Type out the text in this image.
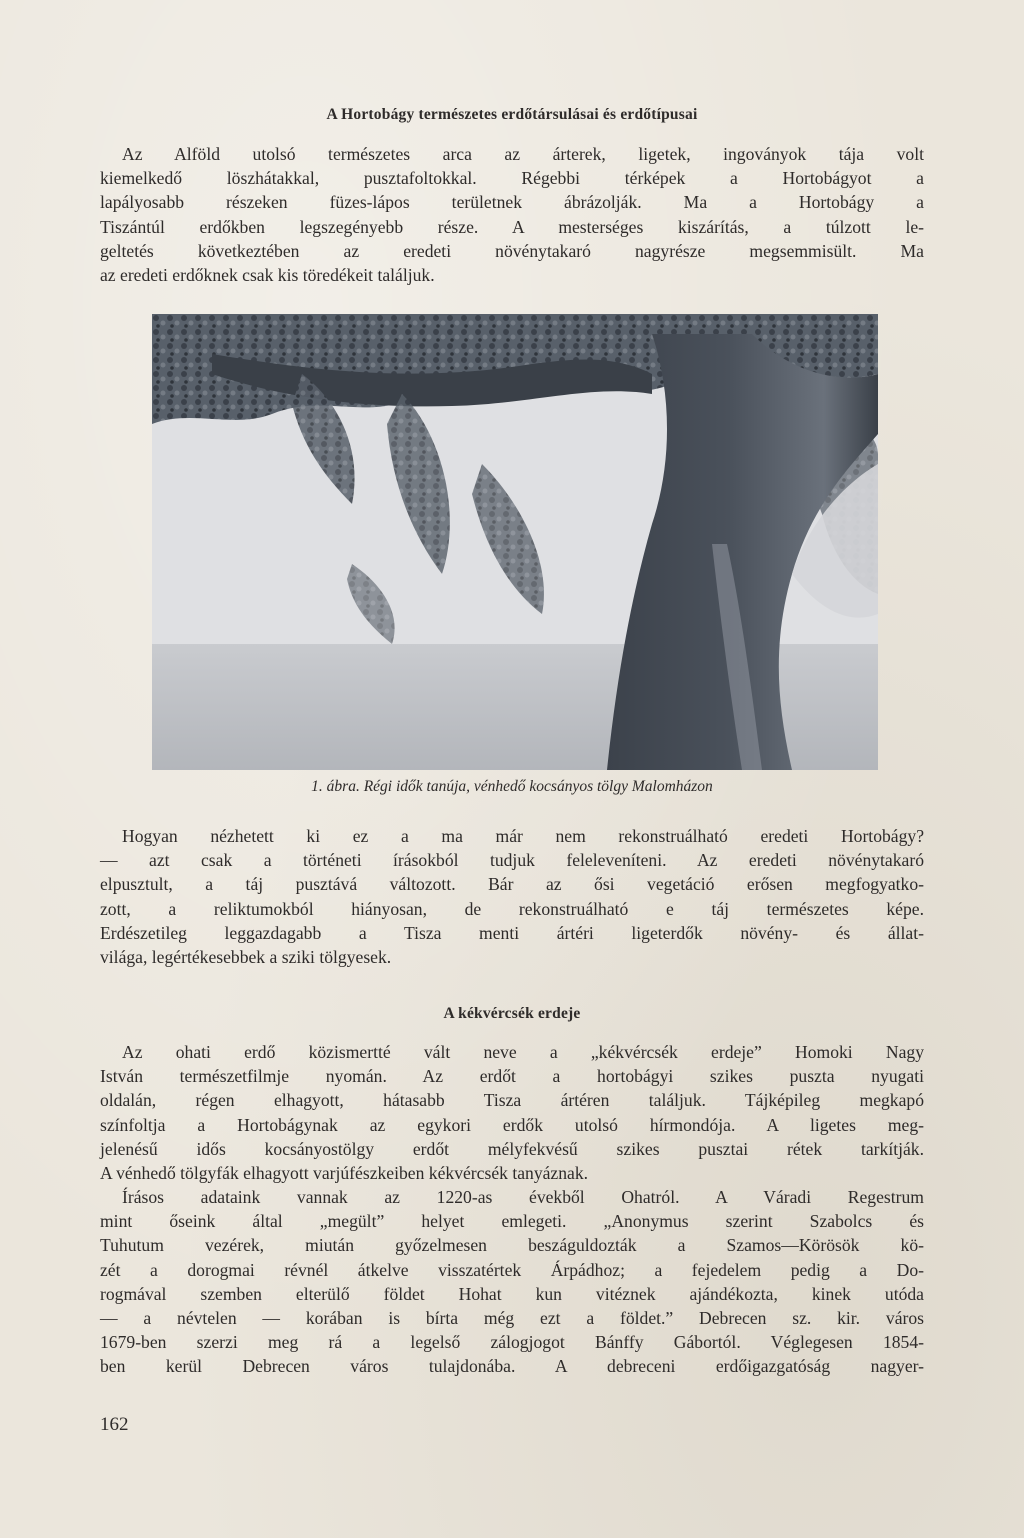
A Hortobágy természetes erdőtársulásai és erdőtípusai
Az Alföld utolsó természetes arca az árterek, ligetek, ingoványok tája volt
kiemelkedő löszhátakkal, pusztafoltokkal. Régebbi térképek a Hortobágyot a
lapályosabb részeken füzes-lápos területnek ábrázolják. Ma a Hortobágy a
Tiszántúl erdőkben legszegényebb része. A mesterséges kiszárítás, a túlzott le-
geltetés következtében az eredeti növénytakaró nagyrésze megsemmisült. Ma
az eredeti erdőknek csak kis töredékeit találjuk.
1. ábra. Régi idők tanúja, vénhedő kocsányos tölgy Malomházon
Hogyan nézhetett ki ez a ma már nem rekonstruálható eredeti Hortobágy?
— azt csak a történeti írásokból tudjuk feleleveníteni. Az eredeti növénytakaró
elpusztult, a táj pusztává változott. Bár az ősi vegetáció erősen megfogyatko-
zott, a reliktumokból hiányosan, de rekonstruálható e táj természetes képe.
Erdészetileg leggazdagabb a Tisza menti ártéri ligeterdők növény- és állat-
világa, legértékesebbek a sziki tölgyesek.
A kékvércsék erdeje
Az ohati erdő közismertté vált neve a „kékvércsék erdeje” Homoki Nagy
István természetfilmje nyomán. Az erdőt a hortobágyi szikes puszta nyugati
oldalán, régen elhagyott, hátasabb Tisza ártéren találjuk. Tájképileg megkapó
színfoltja a Hortobágynak az egykori erdők utolsó hírmondója. A ligetes meg-
jelenésű idős kocsányostölgy erdőt mélyfekvésű szikes pusztai rétek tarkítják.
A vénhedő tölgyfák elhagyott varjúfészkeiben kékvércsék tanyáznak.
Írásos adataink vannak az 1220-as évekből Ohatról. A Váradi Regestrum
mint őseink által „megült” helyet emlegeti. „Anonymus szerint Szabolcs és
Tuhutum vezérek, miután győzelmesen beszáguldozták a Szamos—Körösök kö-
zét a dorogmai révnél átkelve visszatértek Árpádhoz; a fejedelem pedig a Do-
rogmával szemben elterülő földet Hohat kun vitéznek ajándékozta, kinek utóda
— a névtelen — korában is bírta még ezt a földet.” Debrecen sz. kir. város
1679-ben szerzi meg rá a legelső zálogjogot Bánffy Gábortól. Véglegesen 1854-
ben kerül Debrecen város tulajdonába. A debreceni erdőigazgatóság nagyer-
162
